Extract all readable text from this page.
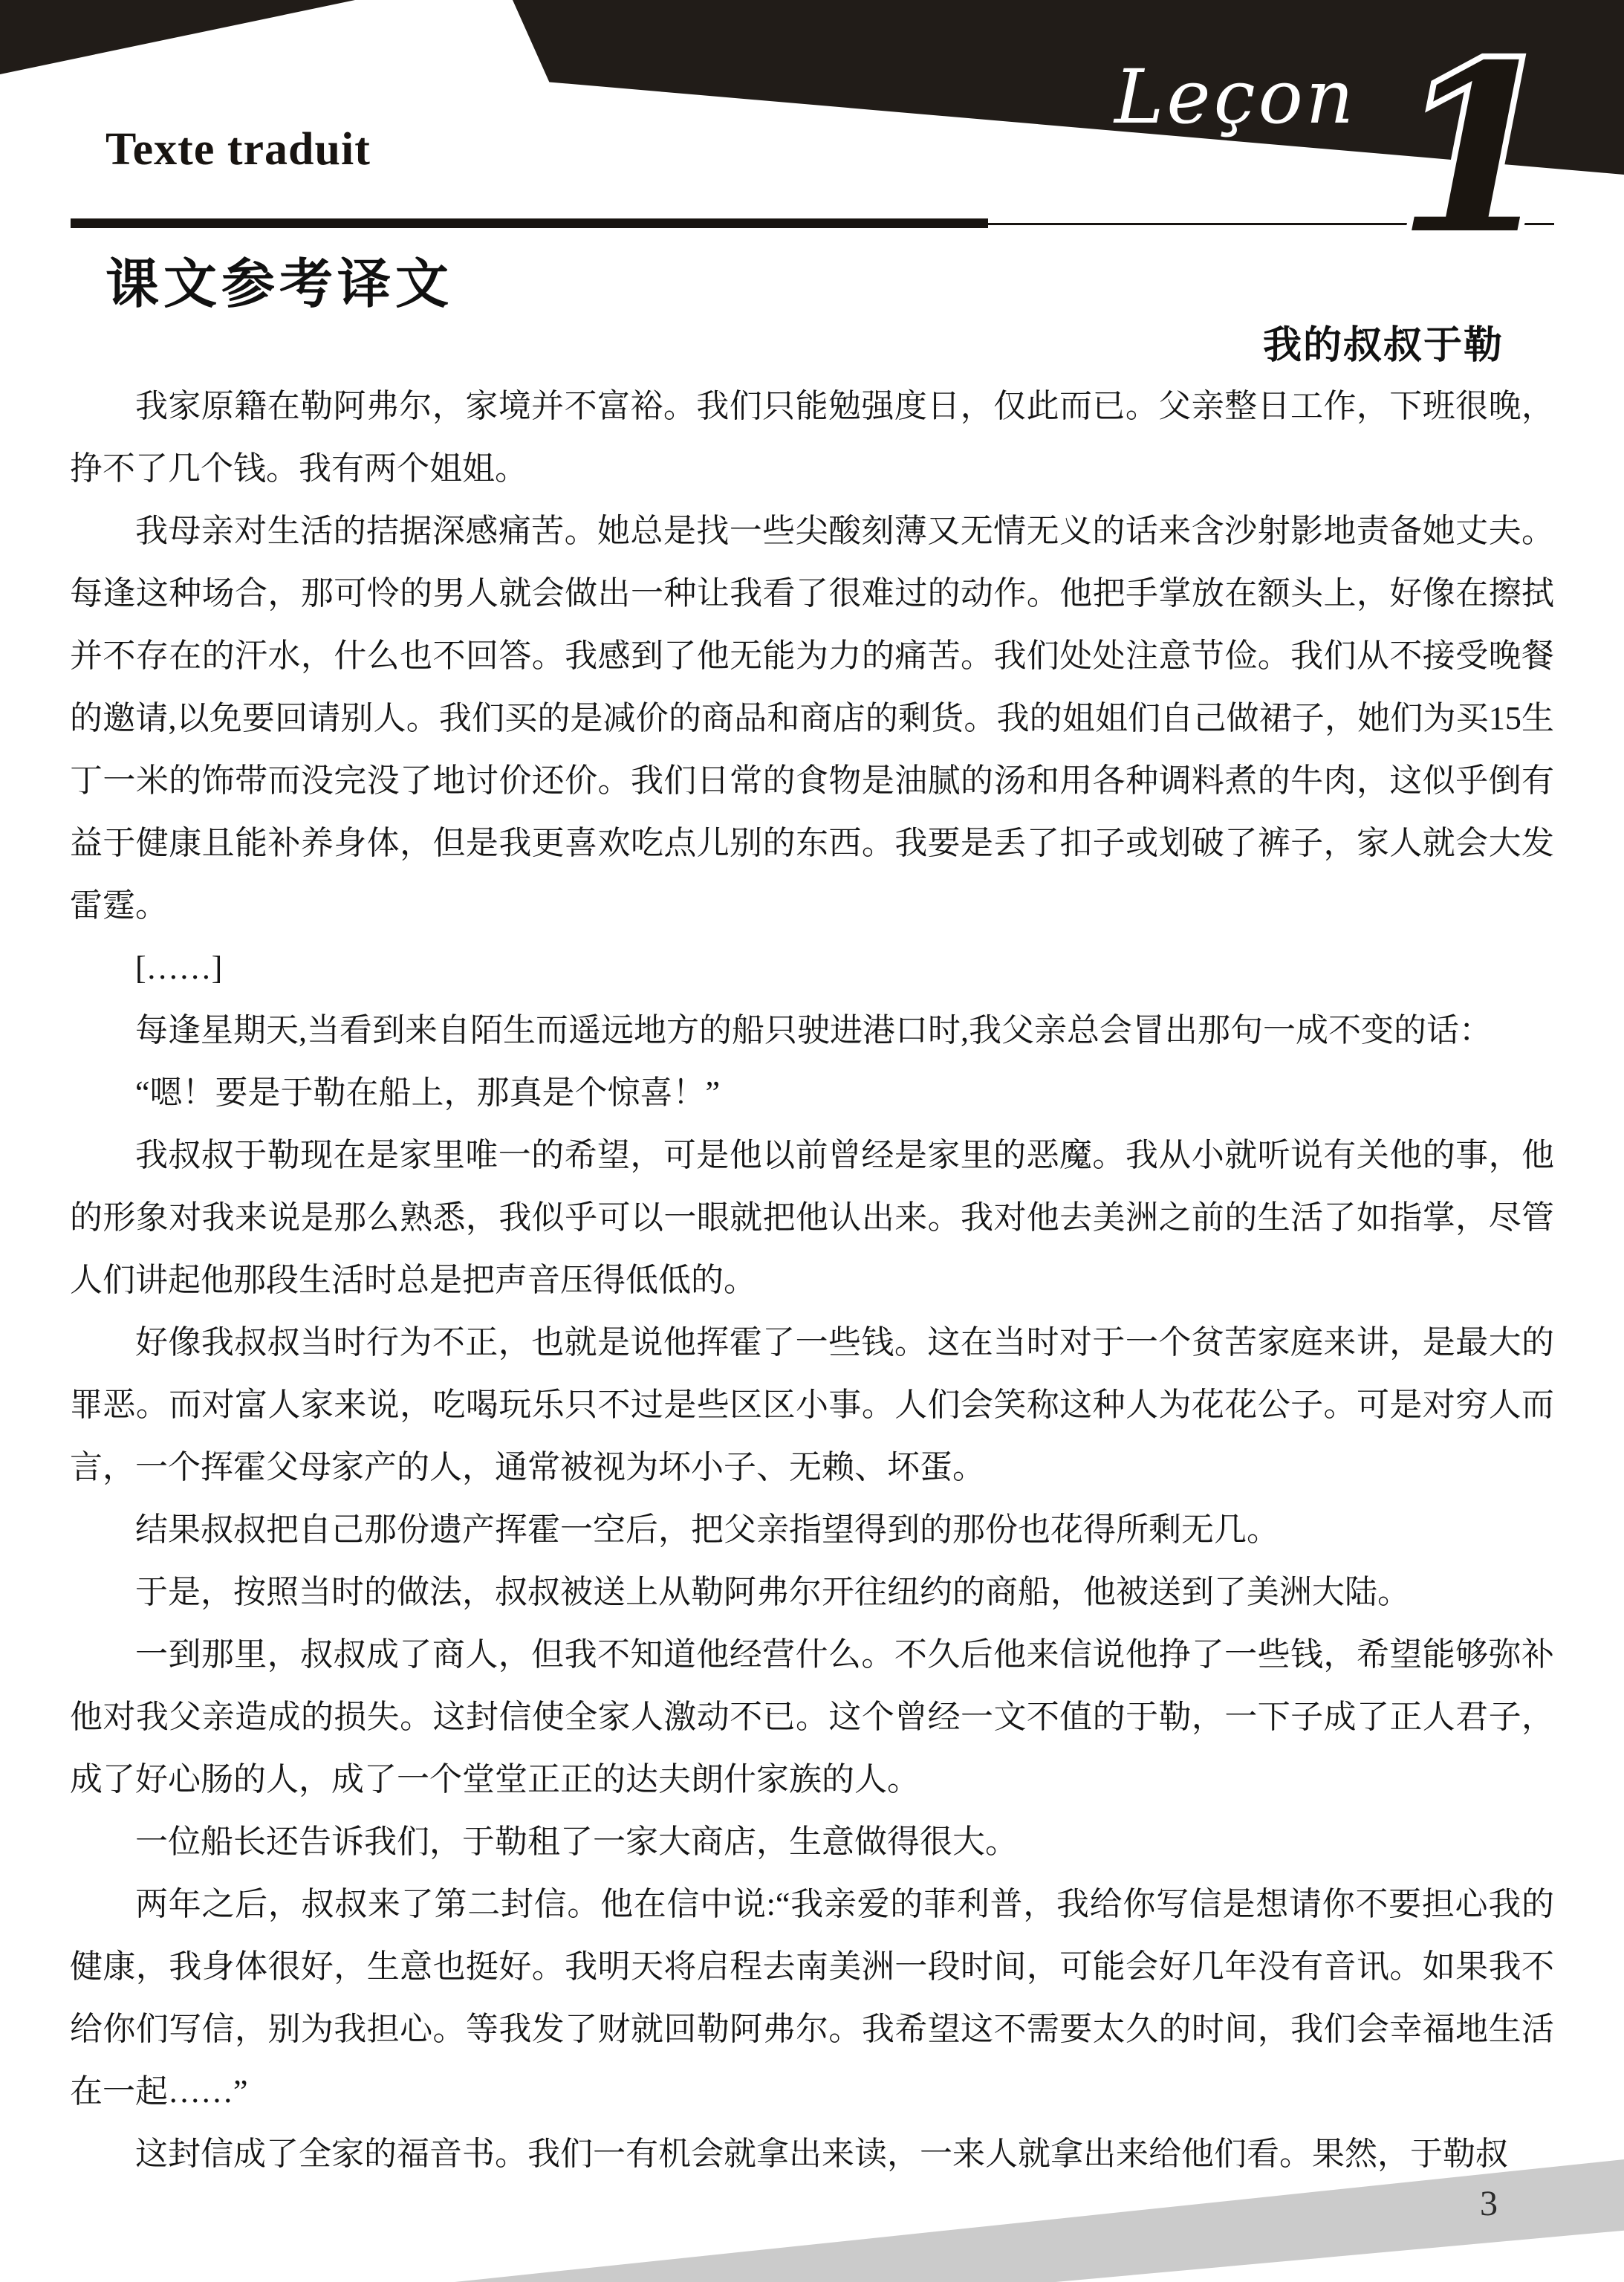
Leçon 1
Texte traduit
课文参考译文
我的叔叔于勒

我家原籍在勒阿弗尔，家境并不富裕。我们只能勉强度日，仅此而已。父亲整日工作，下班很晚，挣不了几个钱。我有两个姐姐。

我母亲对生活的拮据深感痛苦。她总是找一些尖酸刻薄又无情无义的话来含沙射影地责备她丈夫。每逢这种场合，那可怜的男人就会做出一种让我看了很难过的动作。他把手掌放在额头上，好像在擦拭并不存在的汗水，什么也不回答。我感到了他无能为力的痛苦。我们处处注意节俭。我们从不接受晚餐的邀请,以免要回请别人。我们买的是减价的商品和商店的剩货。我的姐姐们自己做裙子，她们为买15生丁一米的饰带而没完没了地讨价还价。我们日常的食物是油腻的汤和用各种调料煮的牛肉，这似乎倒有益于健康且能补养身体，但是我更喜欢吃点儿别的东西。我要是丢了扣子或划破了裤子，家人就会大发雷霆。

[……]

每逢星期天,当看到来自陌生而遥远地方的船只驶进港口时,我父亲总会冒出那句一成不变的话：

“嗯！要是于勒在船上，那真是个惊喜！”

我叔叔于勒现在是家里唯一的希望，可是他以前曾经是家里的恶魔。我从小就听说有关他的事，他的形象对我来说是那么熟悉，我似乎可以一眼就把他认出来。我对他去美洲之前的生活了如指掌，尽管人们讲起他那段生活时总是把声音压得低低的。

好像我叔叔当时行为不正，也就是说他挥霍了一些钱。这在当时对于一个贫苦家庭来讲，是最大的罪恶。而对富人家来说，吃喝玩乐只不过是些区区小事。人们会笑称这种人为花花公子。可是对穷人而言，一个挥霍父母家产的人，通常被视为坏小子、无赖、坏蛋。

结果叔叔把自己那份遗产挥霍一空后，把父亲指望得到的那份也花得所剩无几。

于是，按照当时的做法，叔叔被送上从勒阿弗尔开往纽约的商船，他被送到了美洲大陆。

一到那里，叔叔成了商人，但我不知道他经营什么。不久后他来信说他挣了一些钱，希望能够弥补他对我父亲造成的损失。这封信使全家人激动不已。这个曾经一文不值的于勒，一下子成了正人君子，成了好心肠的人，成了一个堂堂正正的达夫朗什家族的人。

一位船长还告诉我们，于勒租了一家大商店，生意做得很大。

两年之后，叔叔来了第二封信。他在信中说:“我亲爱的菲利普，我给你写信是想请你不要担心我的健康，我身体很好，生意也挺好。我明天将启程去南美洲一段时间，可能会好几年没有音讯。如果我不给你们写信，别为我担心。等我发了财就回勒阿弗尔。我希望这不需要太久的时间，我们会幸福地生活在一起……”

这封信成了全家的福音书。我们一有机会就拿出来读，一来人就拿出来给他们看。果然，于勒叔

3
